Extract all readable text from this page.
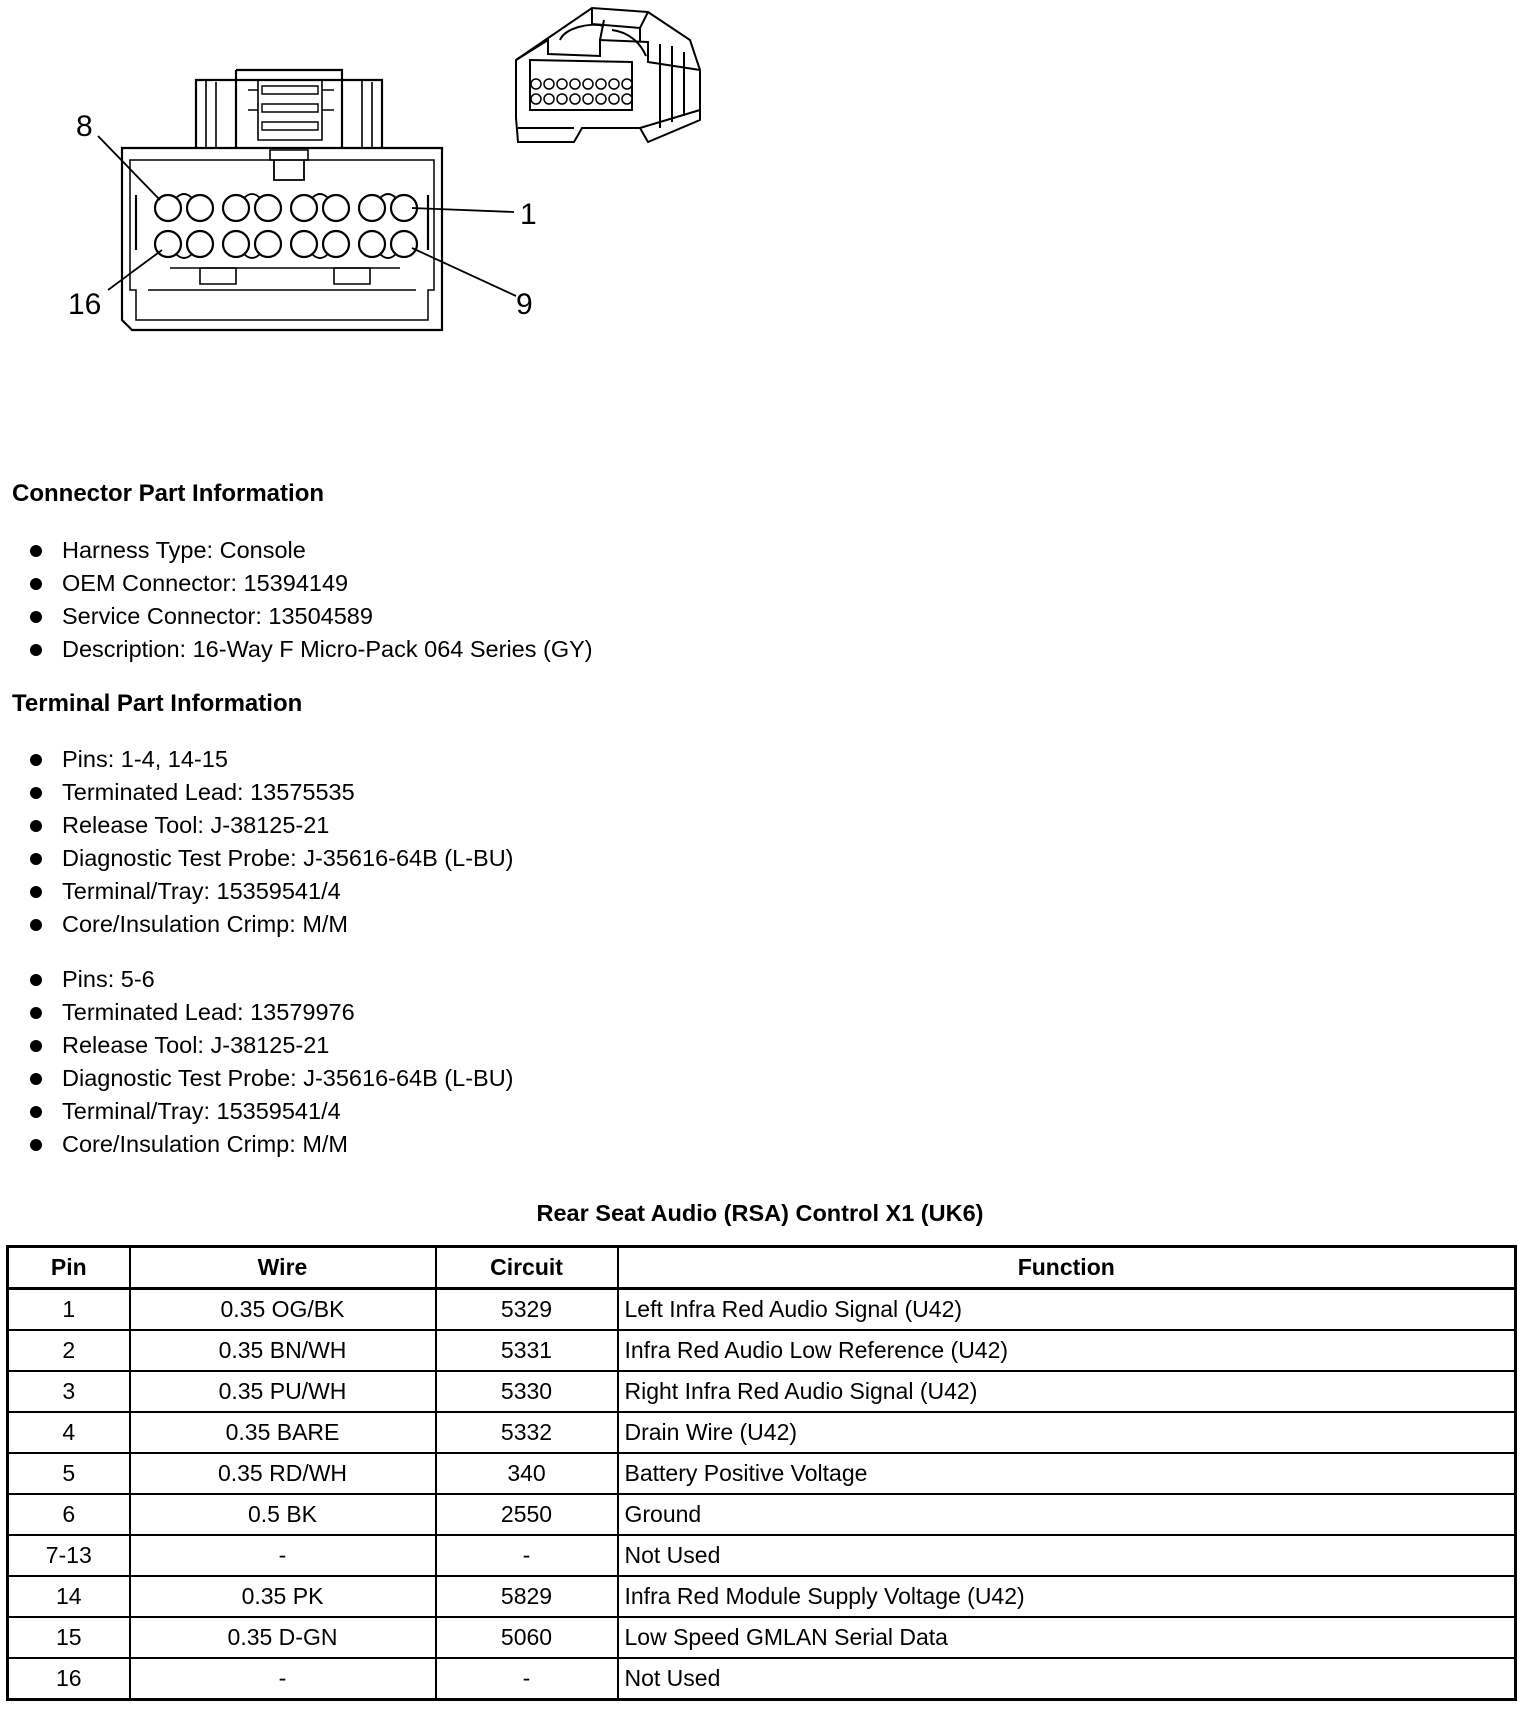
8
1
16	9
Connector Part Information
Harness Type: Console
OEM Connector: 15394149
Service Connector: 13504589
Description: 16-Way F Micro-Pack 064 Series (GY)
Terminal Part Information
Pins: 1-4, 14-15
Terminated Lead: 13575535
Release Tool: J-38125-21
Diagnostic Test Probe: J-35616-64B (L-BU)
Terminal/Tray: 15359541/4
Core/Insulation Crimp: M/M
Pins: 5-6
Terminated Lead: 13579976
Release Tool: J-38125-21
Diagnostic Test Probe: J-35616-64B (L-BU)
Terminal/Tray: 15359541/4
Core/Insulation Crimp: M/M
Rear Seat Audio (RSA) Control X1 (UK6)
Pin	Wire	Circuit	Function
1	0.35 OG/BK	5329	Left Infra Red Audio Signal (U42)
2	0.35 BN/WH	5331	Infra Red Audio Low Reference (U42)
3	0.35 PU/WH	5330	Right Infra Red Audio Signal (U42)
4	0.35 BARE	5332	Drain Wire (U42)
5	0.35 RD/WH	340	Battery Positive Voltage
6	0.5 BK	2550	Ground
7-13	-	-	Not Used
14	0.35 PK	5829	Infra Red Module Supply Voltage (U42)
15	0.35 D-GN	5060	Low Speed GMLAN Serial Data
16	-	-	Not Used
